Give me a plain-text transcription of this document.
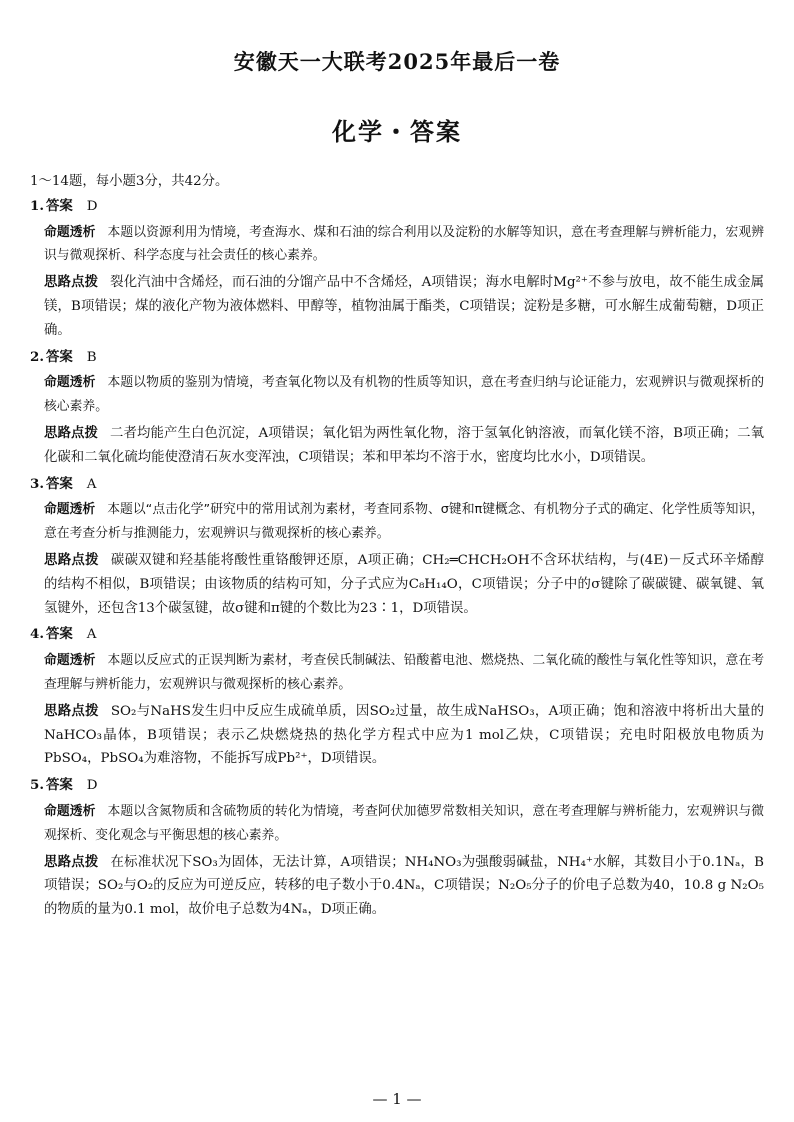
安徽天一大联考2025年最后一卷
化学・答案
1～14题，每小题3分，共42分。
1. 答案 D
命题透析 本题以资源利用为情境，考查海水、煤和石油的综合利用以及淀粉的水解等知识，意在考查理解与辨析能力，宏观辨识与微观探析、科学态度与社会责任的核心素养。
思路点拨 裂化汽油中含烯烃，而石油的分馏产品中不含烯烃，A项错误；海水电解时Mg²⁺不参与放电，故不能生成金属镁，B项错误；煤的液化产物为液体燃料、甲醇等，植物油属于酯类，C项错误；淀粉是多糖，可水解生成葡萄糖，D项正确。
2. 答案 B
命题透析 本题以物质的鉴别为情境，考查氧化物以及有机物的性质等知识，意在考查归纳与论证能力，宏观辨识与微观探析的核心素养。
思路点拨 二者均能产生白色沉淀，A项错误；氧化铝为两性氧化物，溶于氢氧化钠溶液，而氧化镁不溶，B项正确；二氧化碳和二氧化硫均能使澄清石灰水变浑浊，C项错误；苯和甲苯均不溶于水，密度均比水小，D项错误。
3. 答案 A
命题透析 本题以“点击化学”研究中的常用试剂为素材，考查同系物、σ键和π键概念、有机物分子式的确定、化学性质等知识，意在考查分析与推测能力，宏观辨识与微观探析的核心素养。
思路点拨 碳碳双键和羟基能将酸性重铬酸钾还原，A项正确；CH₂═CHCH₂OH不含环状结构，与(4E)－反式环辛烯醇的结构不相似，B项错误；由该物质的结构可知，分子式应为C₈H₁₄O，C项错误；分子中的σ键除了碳碳键、碳氧键、氧氢键外，还包含13个碳氢键，故σ键和π键的个数比为23∶1，D项错误。
4. 答案 A
命题透析 本题以反应式的正误判断为素材，考查侯氏制碱法、铅酸蓄电池、燃烧热、二氧化硫的酸性与氧化性等知识，意在考查理解与辨析能力，宏观辨识与微观探析的核心素养。
思路点拨 SO₂与NaHS发生归中反应生成硫单质，因SO₂过量，故生成NaHSO₃，A项正确；饱和溶液中将析出大量的NaHCO₃晶体，B项错误；表示乙炔燃烧热的热化学方程式中应为1 mol乙炔，C项错误；充电时阳极放电物质为PbSO₄，PbSO₄为难溶物，不能拆写成Pb²⁺，D项错误。
5. 答案 D
命题透析 本题以含氮物质和含硫物质的转化为情境，考查阿伏加德罗常数相关知识，意在考查理解与辨析能力，宏观辨识与微观探析、变化观念与平衡思想的核心素养。
思路点拨 在标准状况下SO₃为固体，无法计算，A项错误；NH₄NO₃为强酸弱碱盐，NH₄⁺水解，其数目小于0.1Nₐ，B项错误；SO₂与O₂的反应为可逆反应，转移的电子数小于0.4Nₐ，C项错误；N₂O₅分子的价电子总数为40，10.8 g N₂O₅的物质的量为0.1 mol，故价电子总数为4Nₐ，D项正确。
— 1 —
